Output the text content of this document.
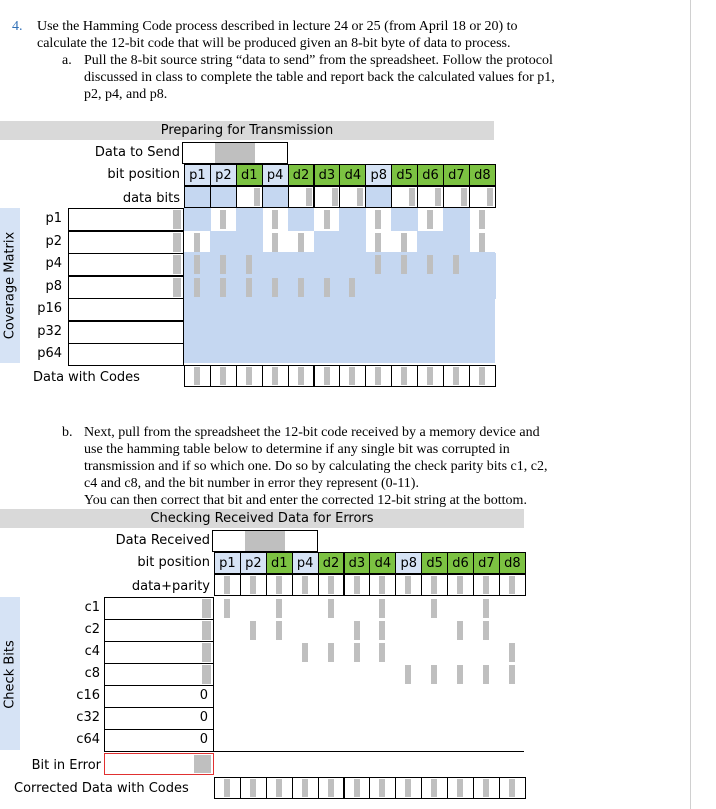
4. Use the Hamming Code process described in lecture 24 or 25 (from April 18 or 20) to
calculate the 12-bit code that will be produced given an 8-bit byte of data to process.
a. Pull the 8-bit source string “data to send” from the spreadsheet. Follow the protocol
discussed in class to complete the table and report back the calculated values for p1,
p2, p4, and p8.
Preparing for Transmission
Data to Send
bit position p1 p2 d1 p4 d2 d3 d4 p8 d5 d6 d7 d8
data bits
Coverage Matrix
p1
p2
p4
p8
p16
p32
p64
Data with Codes
b. Next, pull from the spreadsheet the 12-bit code received by a memory device and
use the hamming table below to determine if any single bit was corrupted in
transmission and if so which one. Do so by calculating the check parity bits c1, c2,
c4 and c8, and the bit number in error they represent (0-11).
You can then correct that bit and enter the corrected 12-bit string at the bottom.
Checking Received Data for Errors
Data Received
bit position p1 p2 d1 p4 d2 d3 d4 p8 d5 d6 d7 d8
data+parity
Check Bits
c1
c2
c4
c8
c16	0
c32	0
c64	0
Bit in Error
Corrected Data with Codes
